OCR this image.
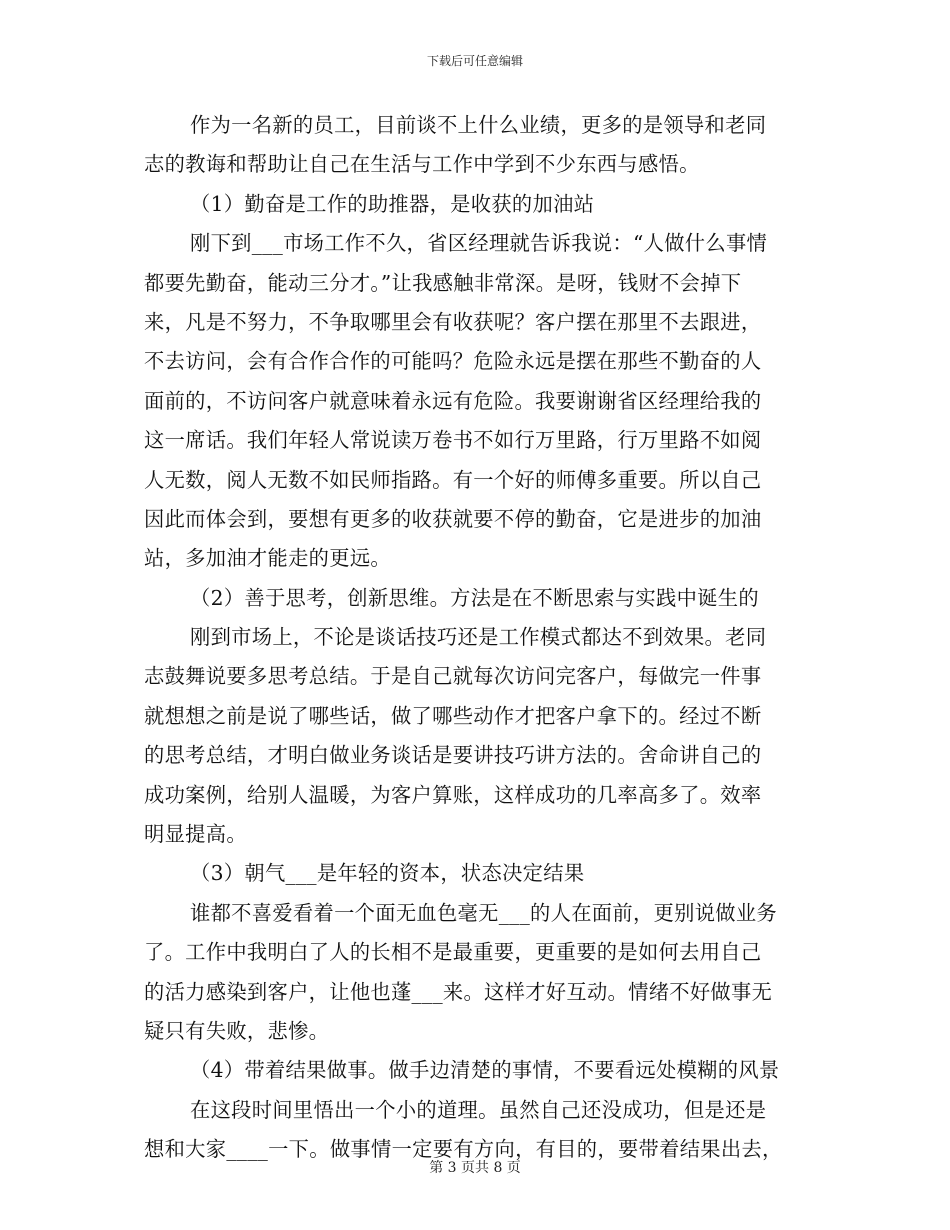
下载后可任意编辑
作为一名新的员工，目前谈不上什么业绩，更多的是领导和老同
志的教诲和帮助让自己在生活与工作中学到不少东西与感悟。
（1）勤奋是工作的助推器，是收获的加油站
刚下到___市场工作不久，省区经理就告诉我说：“人做什么事情
都要先勤奋，能动三分才。”让我感触非常深。是呀，钱财不会掉下
来，凡是不努力，不争取哪里会有收获呢？客户摆在那里不去跟进，
不去访问，会有合作合作的可能吗？危险永远是摆在那些不勤奋的人
面前的，不访问客户就意味着永远有危险。我要谢谢省区经理给我的
这一席话。我们年轻人常说读万卷书不如行万里路，行万里路不如阅
人无数，阅人无数不如民师指路。有一个好的师傅多重要。所以自己
因此而体会到，要想有更多的收获就要不停的勤奋，它是进步的加油
站，多加油才能走的更远。
（2）善于思考，创新思维。方法是在不断思索与实践中诞生的
刚到市场上，不论是谈话技巧还是工作模式都达不到效果。老同
志鼓舞说要多思考总结。于是自己就每次访问完客户，每做完一件事
就想想之前是说了哪些话，做了哪些动作才把客户拿下的。经过不断
的思考总结，才明白做业务谈话是要讲技巧讲方法的。舍命讲自己的
成功案例，给别人温暖，为客户算账，这样成功的几率高多了。效率
明显提高。
（3）朝气___是年轻的资本，状态决定结果
谁都不喜爱看着一个面无血色毫无___的人在面前，更别说做业务
了。工作中我明白了人的长相不是最重要，更重要的是如何去用自己
的活力感染到客户，让他也蓬___来。这样才好互动。情绪不好做事无
疑只有失败，悲惨。
（4）带着结果做事。做手边清楚的事情，不要看远处模糊的风景
在这段时间里悟出一个小的道理。虽然自己还没成功，但是还是
想和大家____一下。做事情一定要有方向，有目的，要带着结果出去，
第 3 页共 8 页
